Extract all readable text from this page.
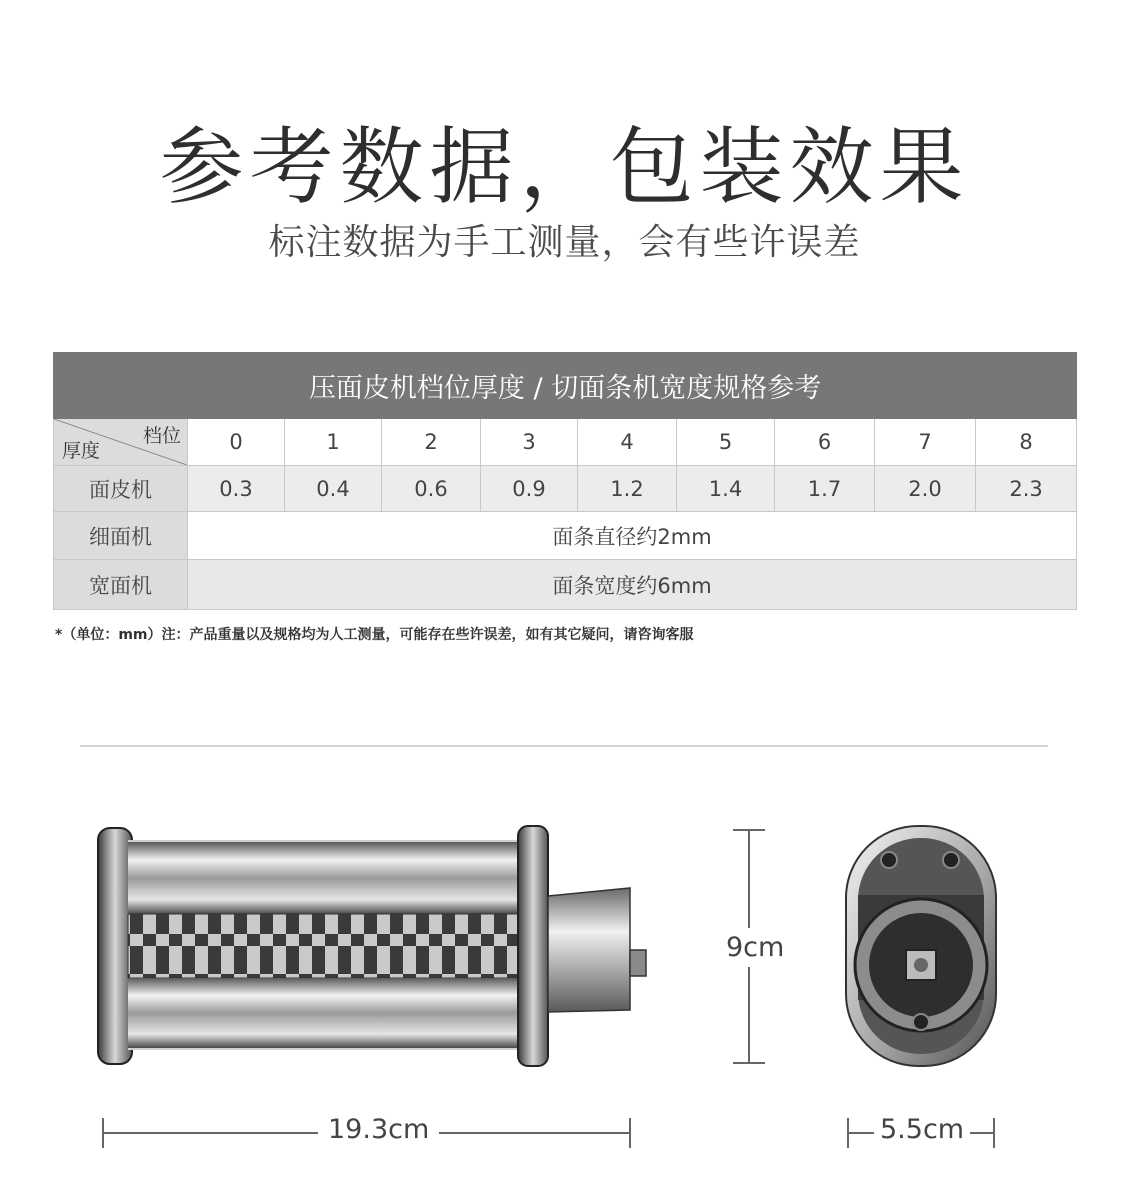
参考数据，包装效果
标注数据为手工测量，会有些许误差
压面皮机档位厚度 / 切面条机宽度规格参考									

档位
厚度	0	1	2	3	4	5	6	7	8
面皮机	0.3	0.4	0.6	0.9	1.2	1.4	1.7	2.0	2.3
细面机	面条直径约2mm								
宽面机	面条宽度约6mm								
*（单位：mm）注：产品重量以及规格均为人工测量，可能存在些许误差，如有其它疑问，请咨询客服
19.3cm
9cm
5.5cm
